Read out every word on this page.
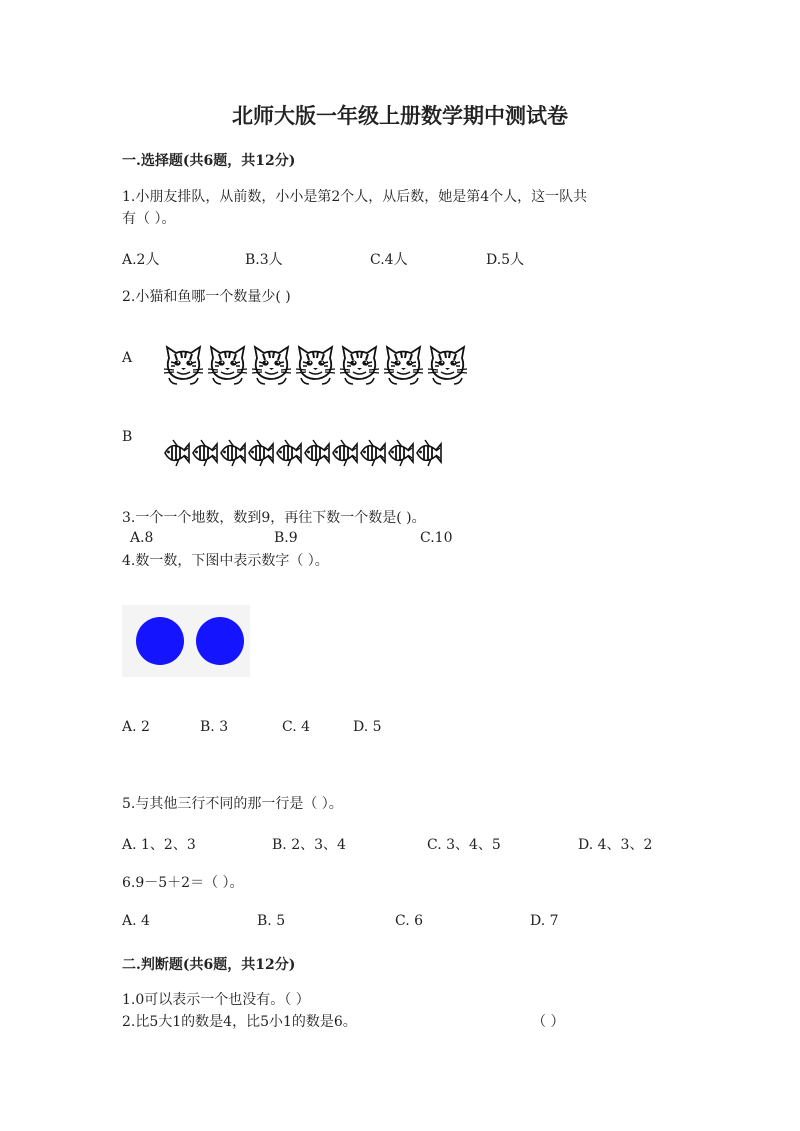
北师大版一年级上册数学期中测试卷
一.选择题(共6题，共12分)
1.小朋友排队，从前数，小小是第2个人，从后数，她是第4个人，这一队共
有（ ）。
A.2人	B.3人	C.4人	D.5人
2.小猫和鱼哪一个数量少( )
A
B
3.一个一个地数，数到9，再往下数一个数是( )。
A.8	B.9	C.10
4.数一数，下图中表示数字（ ）。
A. 2	B. 3	C. 4	D. 5
5.与其他三行不同的那一行是（ ）。
A. 1、2、3	B. 2、3、4	C. 3、4、5	D. 4、3、2
6.9－5＋2＝（ ）。
A. 4	B. 5	C. 6	D. 7
二.判断题(共6题，共12分)
1.0可以表示一个也没有。（ ）
2.比5大1的数是4，比5小1的数是6。	（ ）
